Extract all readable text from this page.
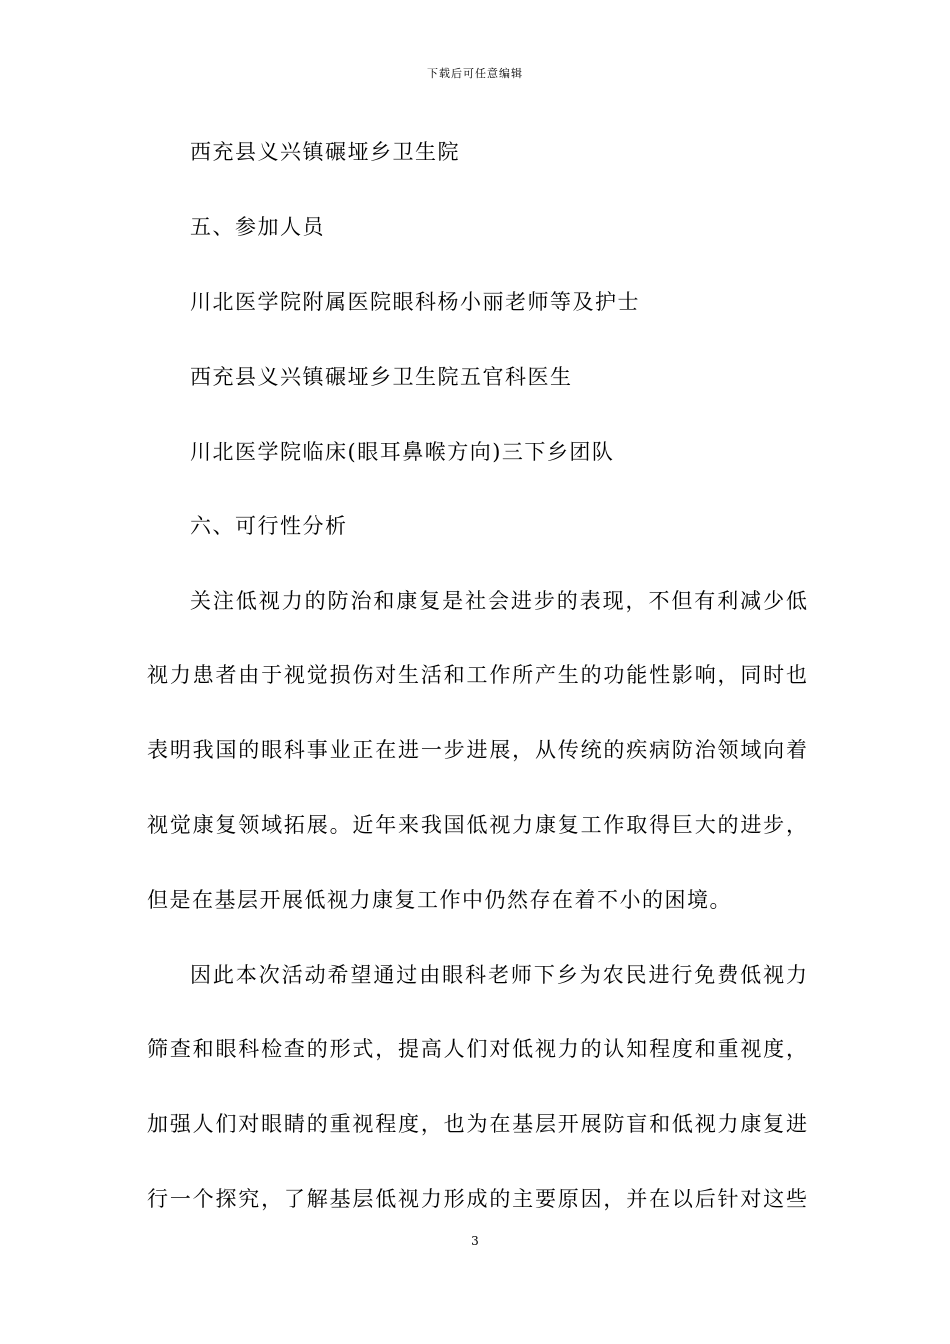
下载后可任意编辑
西充县义兴镇碾垭乡卫生院
五、参加人员
川北医学院附属医院眼科杨小丽老师等及护士
西充县义兴镇碾垭乡卫生院五官科医生
川北医学院临床(眼耳鼻喉方向)三下乡团队
六、可行性分析
关注低视力的防治和康复是社会进步的表现，不但有利减少低
视力患者由于视觉损伤对生活和工作所产生的功能性影响，同时也
表明我国的眼科事业正在进一步进展，从传统的疾病防治领域向着
视觉康复领域拓展。近年来我国低视力康复工作取得巨大的进步，
但是在基层开展低视力康复工作中仍然存在着不小的困境。
因此本次活动希望通过由眼科老师下乡为农民进行免费低视力
筛查和眼科检查的形式，提高人们对低视力的认知程度和重视度，
加强人们对眼睛的重视程度，也为在基层开展防盲和低视力康复进
行一个探究，了解基层低视力形成的主要原因，并在以后针对这些
3
